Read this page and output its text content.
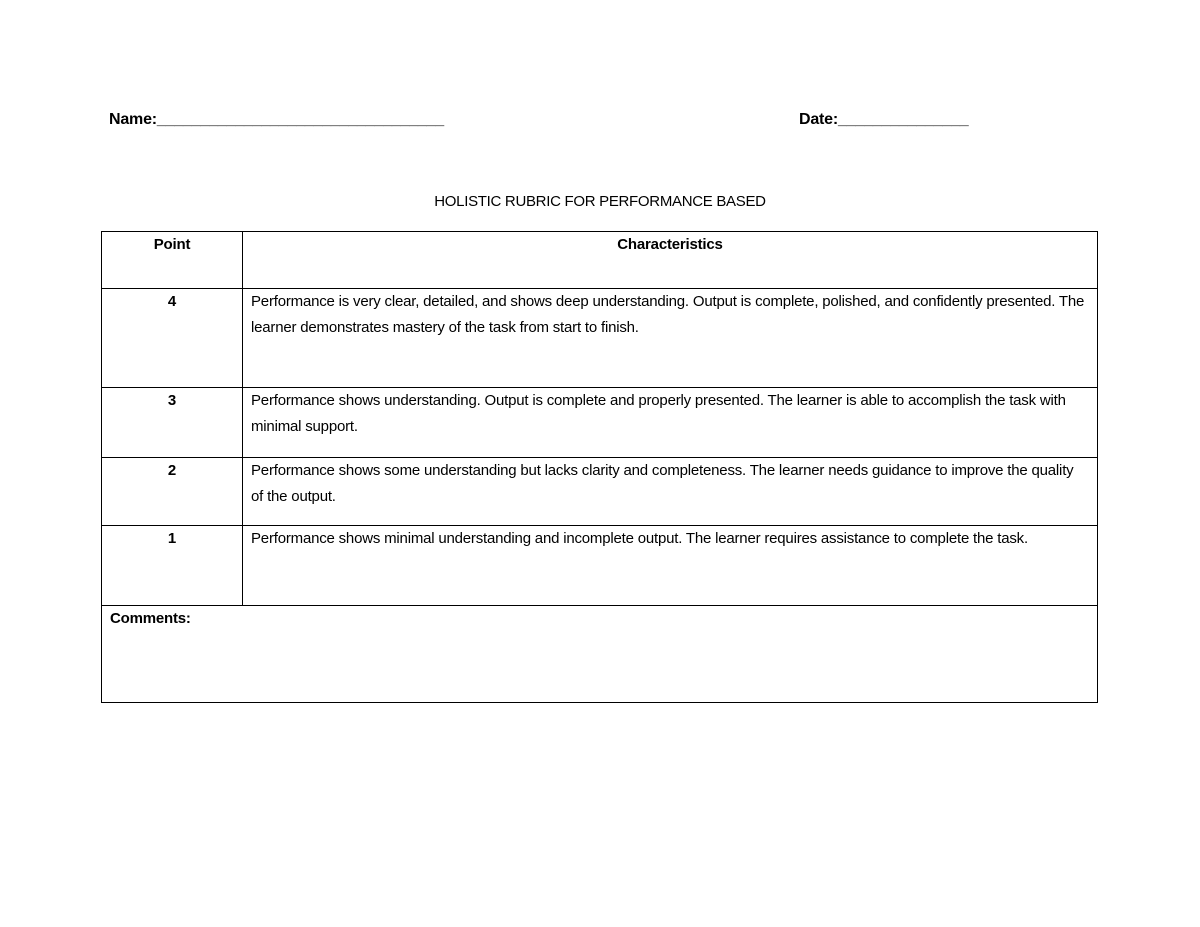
Name:_________________________________	Date:_______________
HOLISTIC RUBRIC FOR PERFORMANCE BASED
Point	Characteristics
4	Performance is very clear, detailed, and shows deep understanding. Output is complete, polished, and confidently presented. The learner demonstrates mastery of the task from start to finish.
3	Performance shows understanding. Output is complete and properly presented. The learner is able to accomplish the task with minimal support.
2	Performance shows some understanding but lacks clarity and completeness. The learner needs guidance to improve the quality of the output.
1	Performance shows minimal understanding and incomplete output. The learner requires assistance to complete the task.
Comments:	
